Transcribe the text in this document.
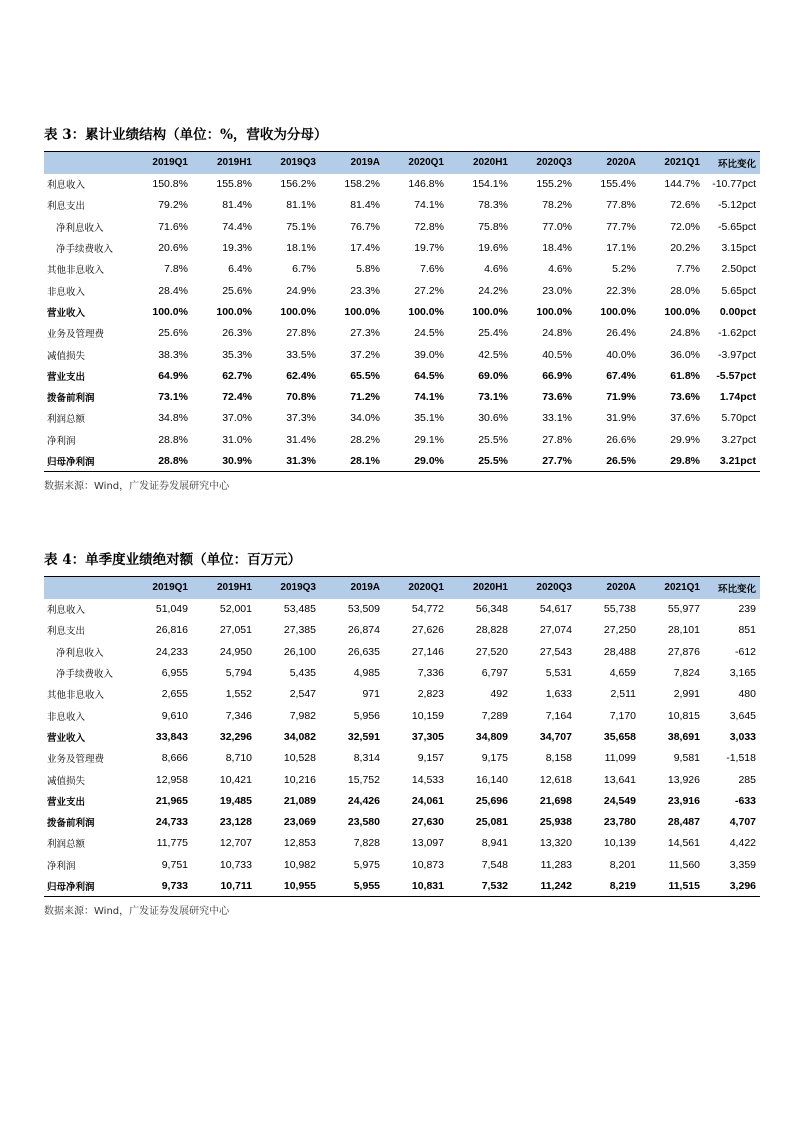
表 3：累计业绩结构（单位：%，营收为分母）
	2019Q1	2019H1	2019Q3	2019A	2020Q1	2020H1	2020Q3	2020A	2021Q1	环比变化
利息收入	150.8%	155.8%	156.2%	158.2%	146.8%	154.1%	155.2%	155.4%	144.7%	-10.77pct
利息支出	79.2%	81.4%	81.1%	81.4%	74.1%	78.3%	78.2%	77.8%	72.6%	-5.12pct
净利息收入	71.6%	74.4%	75.1%	76.7%	72.8%	75.8%	77.0%	77.7%	72.0%	-5.65pct
净手续费收入	20.6%	19.3%	18.1%	17.4%	19.7%	19.6%	18.4%	17.1%	20.2%	3.15pct
其他非息收入	7.8%	6.4%	6.7%	5.8%	7.6%	4.6%	4.6%	5.2%	7.7%	2.50pct
非息收入	28.4%	25.6%	24.9%	23.3%	27.2%	24.2%	23.0%	22.3%	28.0%	5.65pct
营业收入	100.0%	100.0%	100.0%	100.0%	100.0%	100.0%	100.0%	100.0%	100.0%	0.00pct
业务及管理费	25.6%	26.3%	27.8%	27.3%	24.5%	25.4%	24.8%	26.4%	24.8%	-1.62pct
减值损失	38.3%	35.3%	33.5%	37.2%	39.0%	42.5%	40.5%	40.0%	36.0%	-3.97pct
营业支出	64.9%	62.7%	62.4%	65.5%	64.5%	69.0%	66.9%	67.4%	61.8%	-5.57pct
拨备前利润	73.1%	72.4%	70.8%	71.2%	74.1%	73.1%	73.6%	71.9%	73.6%	1.74pct
利润总额	34.8%	37.0%	37.3%	34.0%	35.1%	30.6%	33.1%	31.9%	37.6%	5.70pct
净利润	28.8%	31.0%	31.4%	28.2%	29.1%	25.5%	27.8%	26.6%	29.9%	3.27pct
归母净利润	28.8%	30.9%	31.3%	28.1%	29.0%	25.5%	27.7%	26.5%	29.8%	3.21pct
数据来源：Wind，广发证券发展研究中心
表 4：单季度业绩绝对额（单位：百万元）
	2019Q1	2019H1	2019Q3	2019A	2020Q1	2020H1	2020Q3	2020A	2021Q1	环比变化
利息收入	51,049	52,001	53,485	53,509	54,772	56,348	54,617	55,738	55,977	239
利息支出	26,816	27,051	27,385	26,874	27,626	28,828	27,074	27,250	28,101	851
净利息收入	24,233	24,950	26,100	26,635	27,146	27,520	27,543	28,488	27,876	-612
净手续费收入	6,955	5,794	5,435	4,985	7,336	6,797	5,531	4,659	7,824	3,165
其他非息收入	2,655	1,552	2,547	971	2,823	492	1,633	2,511	2,991	480
非息收入	9,610	7,346	7,982	5,956	10,159	7,289	7,164	7,170	10,815	3,645
营业收入	33,843	32,296	34,082	32,591	37,305	34,809	34,707	35,658	38,691	3,033
业务及管理费	8,666	8,710	10,528	8,314	9,157	9,175	8,158	11,099	9,581	-1,518
减值损失	12,958	10,421	10,216	15,752	14,533	16,140	12,618	13,641	13,926	285
营业支出	21,965	19,485	21,089	24,426	24,061	25,696	21,698	24,549	23,916	-633
拨备前利润	24,733	23,128	23,069	23,580	27,630	25,081	25,938	23,780	28,487	4,707
利润总额	11,775	12,707	12,853	7,828	13,097	8,941	13,320	10,139	14,561	4,422
净利润	9,751	10,733	10,982	5,975	10,873	7,548	11,283	8,201	11,560	3,359
归母净利润	9,733	10,711	10,955	5,955	10,831	7,532	11,242	8,219	11,515	3,296
数据来源：Wind，广发证券发展研究中心
